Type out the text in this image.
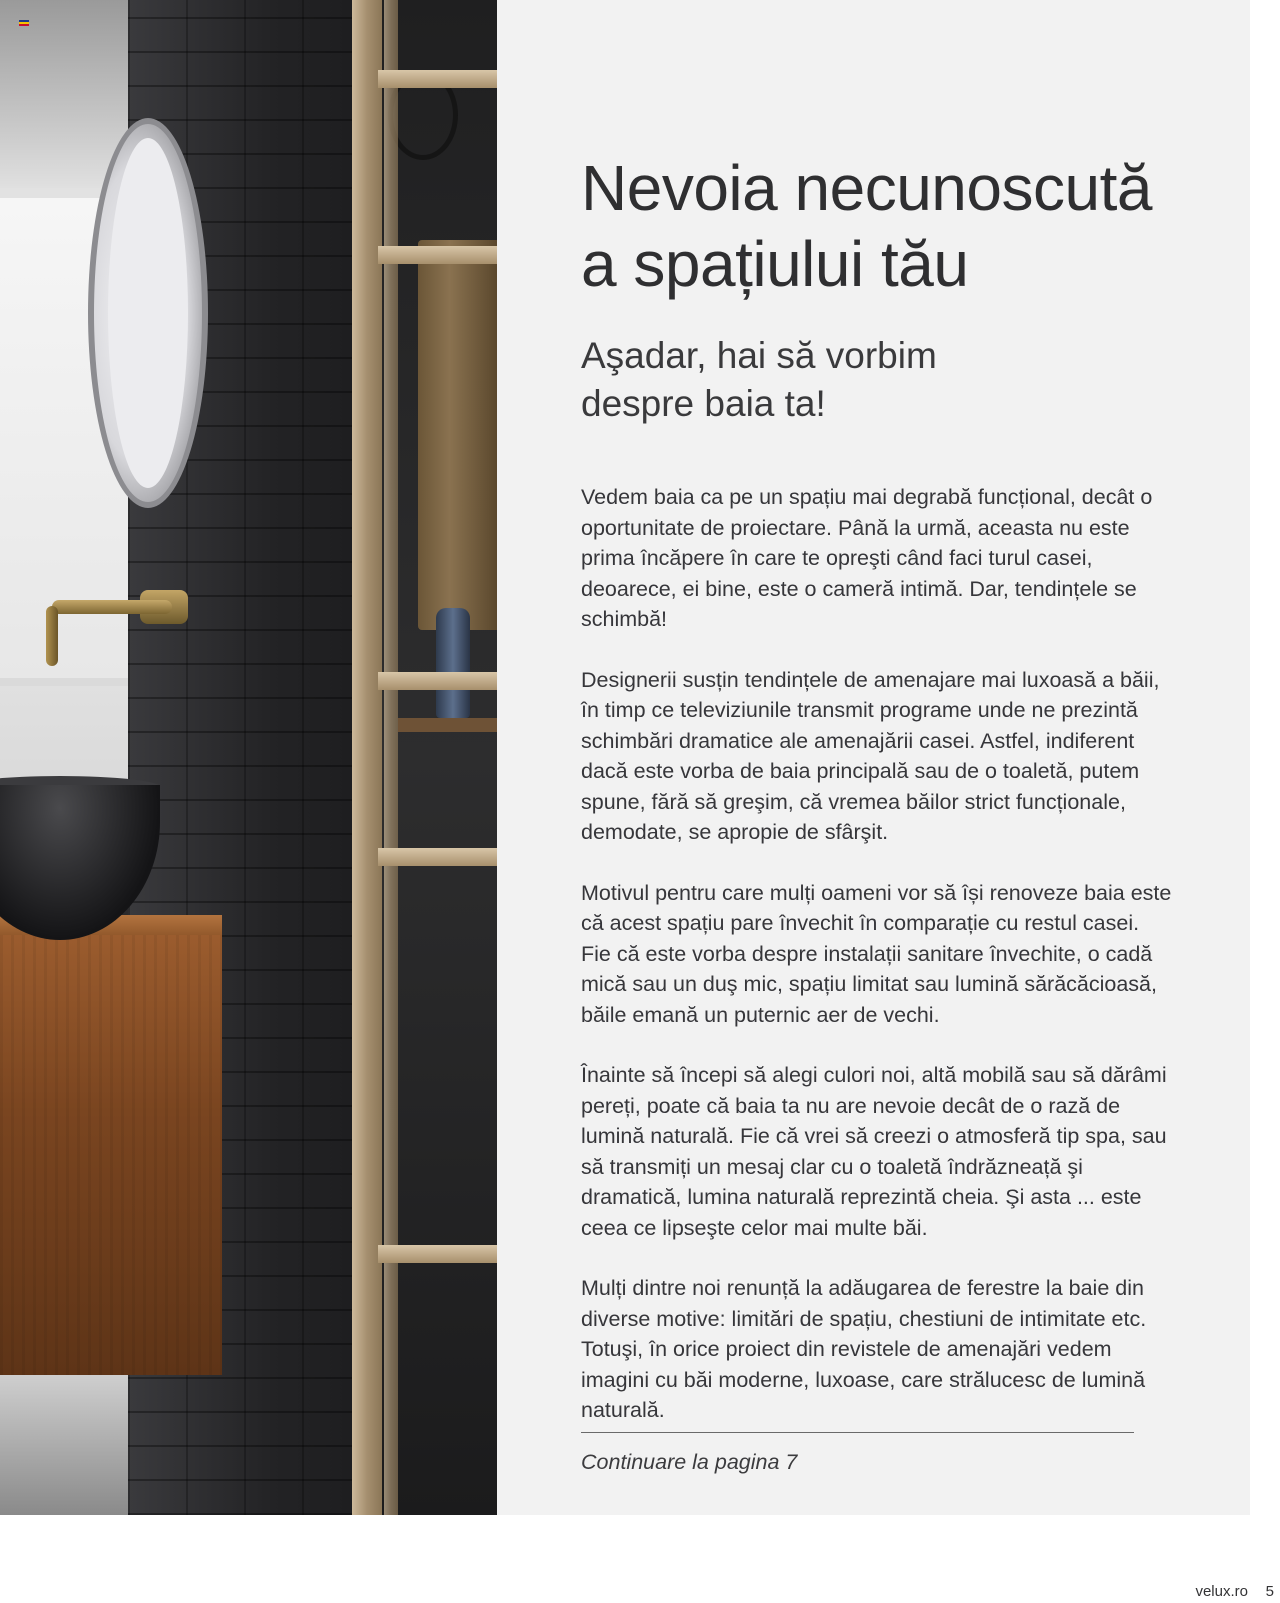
Nevoia necunoscută
a spațiului tău
Aşadar, hai să vorbim
despre baia ta!

Vedem baia ca pe un spațiu mai degrabă funcțional, decât o oportunitate de proiectare. Până la urmă, aceasta nu este prima încăpere în care te opreşti când faci turul casei, deoarece, ei bine, este o cameră intimă. Dar, tendințele se schimbă!

Designerii susțin tendințele de amenajare mai luxoasă a băii, în timp ce televiziunile transmit programe unde ne prezintă schimbări dramatice ale amenajării casei. Astfel, indiferent dacă este vorba de baia principală sau de o toaletă, putem spune, fără să greşim, că vremea băilor strict funcționale, demodate, se apropie de sfârşit.

Motivul pentru care mulți oameni vor să își renoveze baia este că acest spațiu pare învechit în comparație cu restul casei. Fie că este vorba despre instalații sanitare învechite, o cadă mică sau un duş mic, spațiu limitat sau lumină sărăcăcioasă, băile emană un puternic aer de vechi.

Înainte să începi să alegi culori noi, altă mobilă sau să dărâmi pereți, poate că baia ta nu are nevoie decât de o rază de lumină naturală. Fie că vrei să creezi o atmosferă tip spa, sau să transmiți un mesaj clar cu o toaletă îndrăzneață şi dramatică, lumina naturală reprezintă cheia. Şi asta ... este ceea ce lipseşte celor mai multe băi.

Mulți dintre noi renunță la adăugarea de ferestre la baie din diverse motive: limitări de spațiu, chestiuni de intimitate etc. Totuşi, în orice proiect din revistele de amenajări vedem imagini cu băi moderne, luxoase, care strălucesc de lumină naturală.

Continuare la pagina 7
velux.ro 5
